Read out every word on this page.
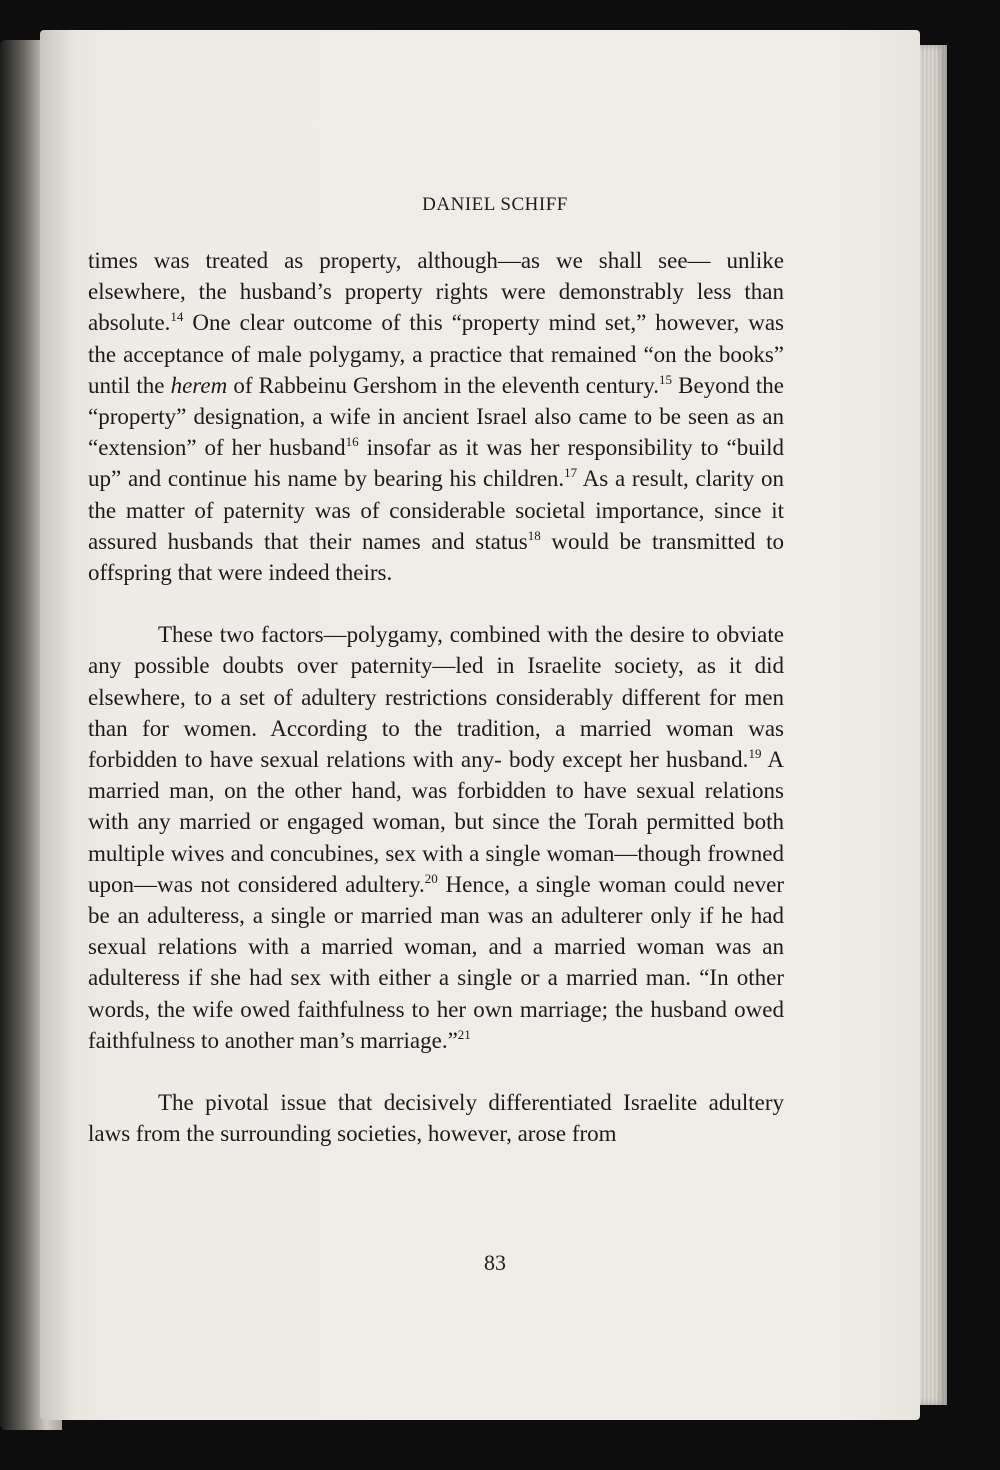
DANIEL SCHIFF

times was treated as property, although—as we shall see— unlike elsewhere, the husband’s property rights were demonstrably less than absolute.$^{14}$ One clear outcome of this “property mind set,” however, was the acceptance of male polygamy, a practice that remained “on the books” until the herem of Rabbeinu Gershom in the eleventh century.$^{15}$ Beyond the “property” designation, a wife in ancient Israel also came to be seen as an “extension” of her husband$^{16}$ insofar as it was her responsibility to “build up” and continue his name by bearing his children.$^{17}$ As a result, clarity on the matter of paternity was of considerable societal importance, since it assured husbands that their names and status$^{18}$ would be transmitted to offspring that were indeed theirs.

These two factors—polygamy, combined with the desire to obviate any possible doubts over paternity—led in Israelite society, as it did elsewhere, to a set of adultery restrictions considerably different for men than for women. According to the tradition, a married woman was forbidden to have sexual relations with any- body except her husband.$^{19}$ A married man, on the other hand, was forbidden to have sexual relations with any married or engaged woman, but since the Torah permitted both multiple wives and concubines, sex with a single woman—though frowned upon—was not considered adultery.$^{20}$ Hence, a single woman could never be an adulteress, a single or married man was an adulterer only if he had sexual relations with a married woman, and a married woman was an adulteress if she had sex with either a single or a married man. “In other words, the wife owed faithfulness to her own marriage; the husband owed faithfulness to another man’s marriage.”$^{21}$

The pivotal issue that decisively differentiated Israelite adultery laws from the surrounding societies, however, arose from

83
